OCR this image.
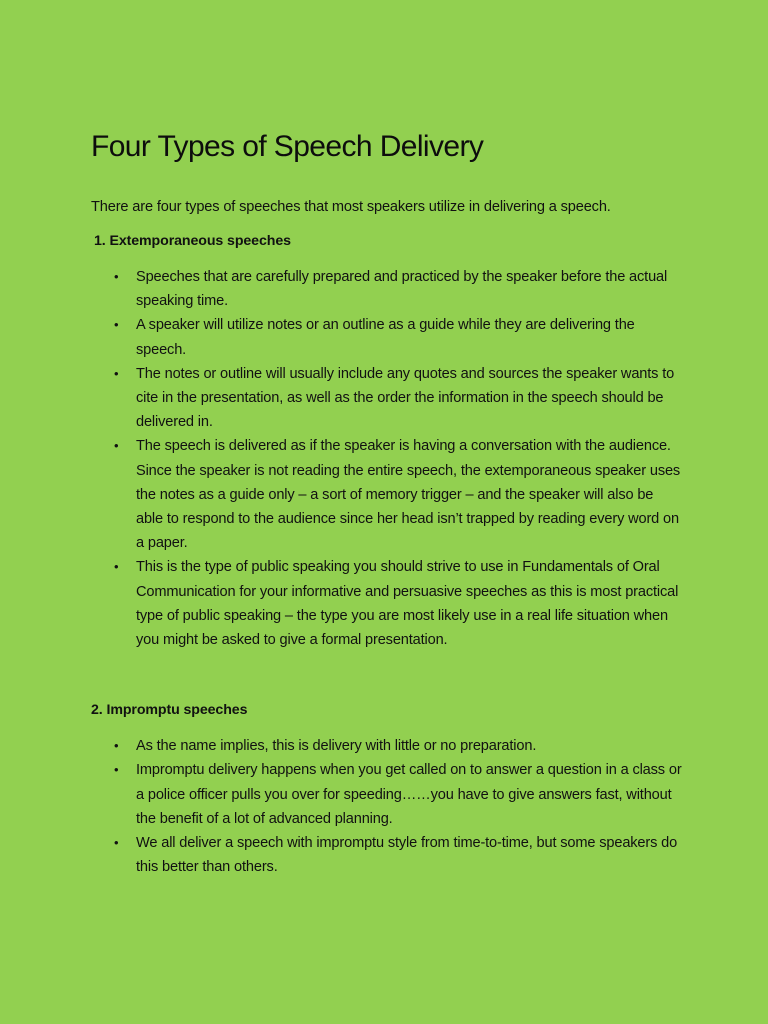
Four Types of Speech Delivery

There are four types of speeches that most speakers utilize in delivering a speech.

1. Extemporaneous speeches
• Speeches that are carefully prepared and practiced by the speaker before the actual speaking time.
• A speaker will utilize notes or an outline as a guide while they are delivering the speech.
• The notes or outline will usually include any quotes and sources the speaker wants to cite in the presentation, as well as the order the information in the speech should be delivered in.
• The speech is delivered as if the speaker is having a conversation with the audience. Since the speaker is not reading the entire speech, the extemporaneous speaker uses the notes as a guide only – a sort of memory trigger – and the speaker will also be able to respond to the audience since her head isn’t trapped by reading every word on a paper.
• This is the type of public speaking you should strive to use in Fundamentals of Oral Communication for your informative and persuasive speeches as this is most practical type of public speaking – the type you are most likely use in a real life situation when you might be asked to give a formal presentation.
2. Impromptu speeches
• As the name implies, this is delivery with little or no preparation.
• Impromptu delivery happens when you get called on to answer a question in a class or a police officer pulls you over for speeding……you have to give answers fast, without the benefit of a lot of advanced planning.
• We all deliver a speech with impromptu style from time-to-time, but some speakers do this better than others.
